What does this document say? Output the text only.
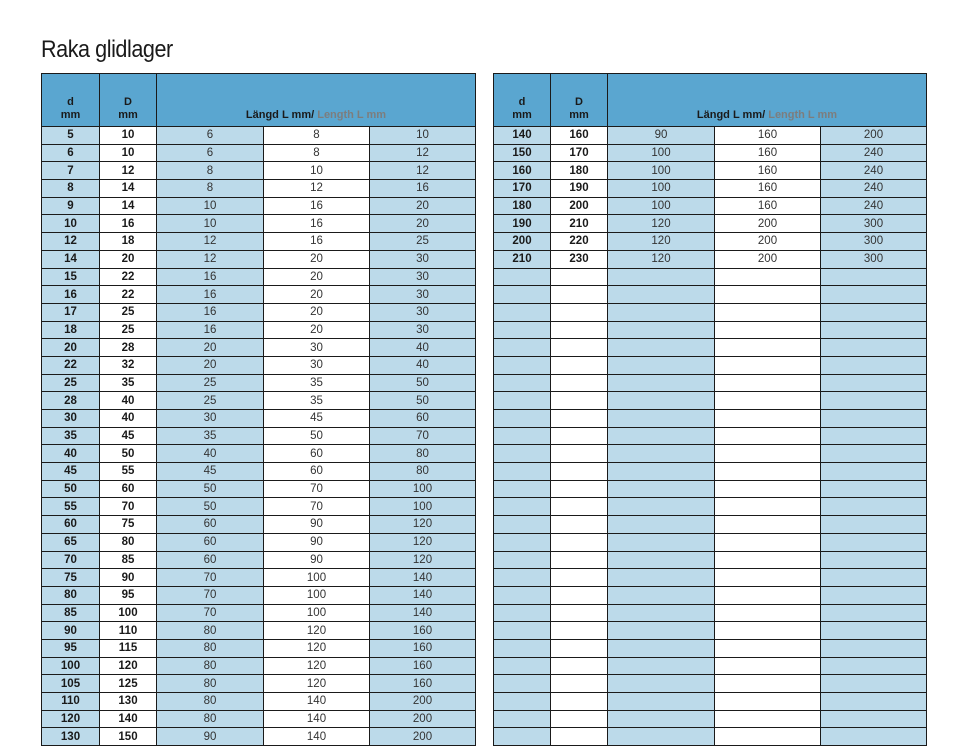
Raka glidlager
d
mm	D
mm	Längd L mm/ Length L mm		

5	10	6	8	10
6	10	6	8	12
7	12	8	10	12
8	14	8	12	16
9	14	10	16	20
10	16	10	16	20
12	18	12	16	25
14	20	12	20	30
15	22	16	20	30
16	22	16	20	30
17	25	16	20	30
18	25	16	20	30
20	28	20	30	40
22	32	20	30	40
25	35	25	35	50
28	40	25	35	50
30	40	30	45	60
35	45	35	50	70
40	50	40	60	80
45	55	45	60	80
50	60	50	70	100
55	70	50	70	100
60	75	60	90	120
65	80	60	90	120
70	85	60	90	120
75	90	70	100	140
80	95	70	100	140
85	100	70	100	140
90	110	80	120	160
95	115	80	120	160
100	120	80	120	160
105	125	80	120	160
110	130	80	140	200
120	140	80	140	200
130	150	90	140	200
d
mm	D
mm	Längd L mm/ Length L mm		

140	160	90	160	200
150	170	100	160	240
160	180	100	160	240
170	190	100	160	240
180	200	100	160	240
190	210	120	200	300
200	220	120	200	300
210	230	120	200	300
